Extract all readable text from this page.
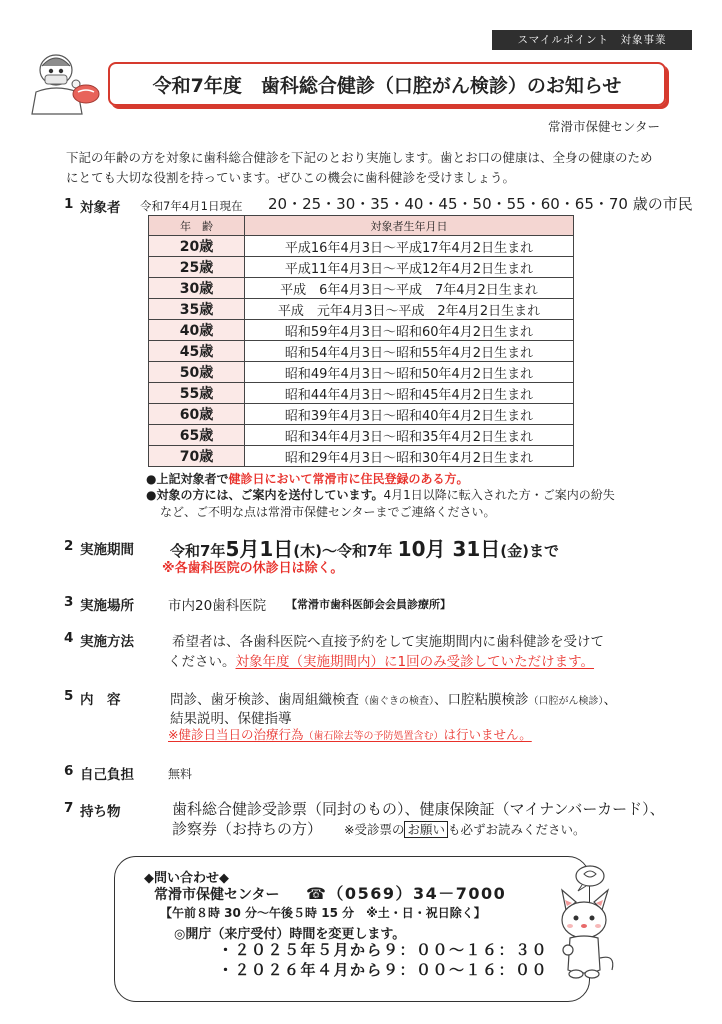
スマイルポイント　対象事業
令和7年度　歯科総合健診（口腔がん検診）のお知らせ
常滑市保健センター
下記の年齢の方を対象に歯科総合健診を下記のとおり実施します。歯とお口の健康は、全身の健康のため
にとても大切な役割を持っています。ぜひこの機会に歯科健診を受けましょう。
1 対象者 令和7年4月1日現在 20・25・30・35・40・45・50・55・60・65・70 歳の市民
年　齢	対象者生年月日
20歳	平成16年4月3日～平成17年4月2日生まれ
25歳	平成11年4月3日～平成12年4月2日生まれ
30歳	平成　6年4月3日～平成　7年4月2日生まれ
35歳	平成　元年4月3日～平成　2年4月2日生まれ
40歳	昭和59年4月3日～昭和60年4月2日生まれ
45歳	昭和54年4月3日～昭和55年4月2日生まれ
50歳	昭和49年4月3日～昭和50年4月2日生まれ
55歳	昭和44年4月3日～昭和45年4月2日生まれ
60歳	昭和39年4月3日～昭和40年4月2日生まれ
65歳	昭和34年4月3日～昭和35年4月2日生まれ
70歳	昭和29年4月3日～昭和30年4月2日生まれ
●上記対象者で健診日において常滑市に住民登録のある方。
●対象の方には、ご案内を送付しています。4月1日以降に転入された方・ご案内の紛失
など、ご不明な点は常滑市保健センターまでご連絡ください。
2 実施期間 令和7年5月1日(木)～令和7年 10月 31日(金)まで
※各歯科医院の休診日は除く。
3 実施場所	市内20歯科医院 【常滑市歯科医師会会員診療所】
4 実施方法	希望者は、各歯科医院へ直接予約をして実施期間内に歯科健診を受けて
ください。対象年度（実施期間内）に1回のみ受診していただけます。
5 内　容	問診、歯牙検診、歯周組織検査（歯ぐきの検査）、口腔粘膜検診（口腔がん検診）、
結果説明、保健指導
※健診日当日の治療行為（歯石除去等の予防処置含む）は行いません。
6 自己負担	無料
7 持ち物	歯科総合健診受診票（同封のもの）、健康保険証（マイナンバーカード）、
診察券（お持ちの方） ※受診票の お願い も必ずお読みください。
◆問い合わせ◆
常滑市保健センター ☎（0569）34－7000
【午前８時 30 分～午後５時 15 分　※土・日・祝日除く】
◎開庁（来庁受付）時間を変更します。
・２０２５年５月から９：００～１６：３０
・２０２６年４月から９：００～１６：００
